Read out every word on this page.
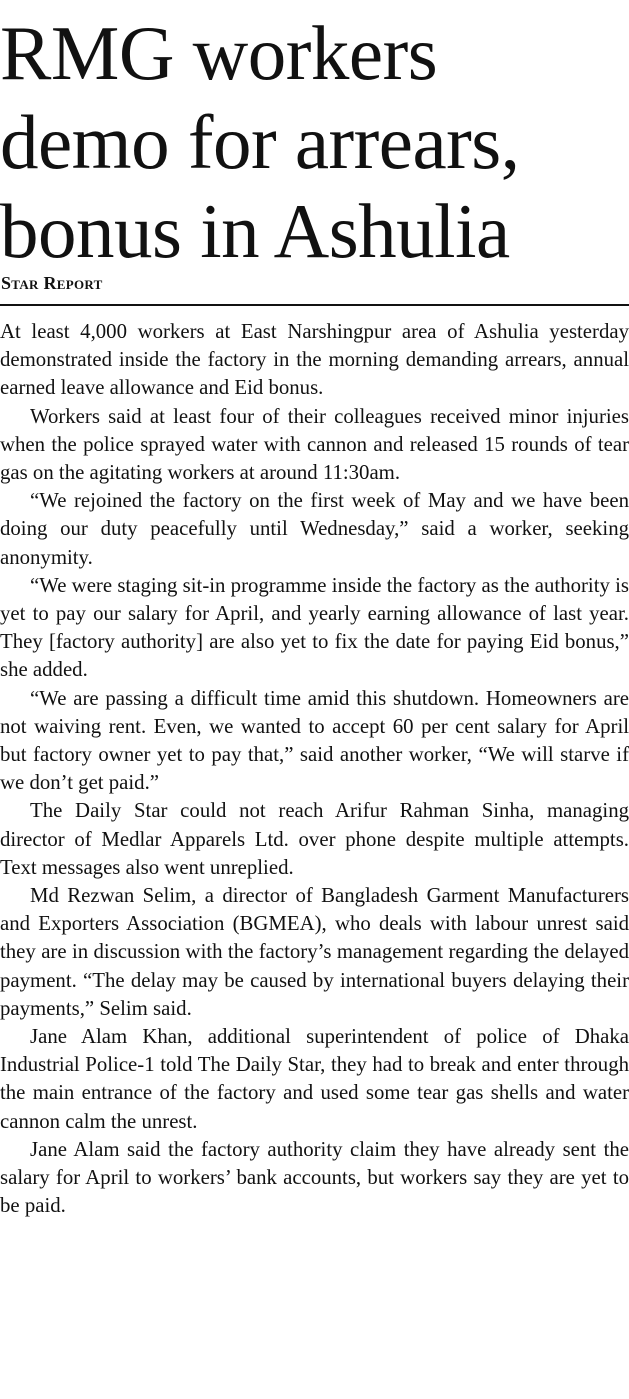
RMG workers
demo for arrears,
bonus in Ashulia
Star Report

At least 4,000 workers at East Narshingpur area of Ashulia yesterday demonstrated inside the factory in the morning demanding arrears, annual earned leave allowance and Eid bonus.

Workers said at least four of their colleagues received minor injuries when the police sprayed water with cannon and released 15 rounds of tear gas on the agitating workers at around 11:30am.

“We rejoined the factory on the first week of May and we have been doing our duty peacefully until Wednesday,” said a worker, seeking anonymity.

“We were staging sit-in programme inside the factory as the authority is yet to pay our salary for April, and yearly earning allowance of last year. They [factory authority] are also yet to fix the date for paying Eid bonus,” she added.

“We are passing a difficult time amid this shutdown. Homeowners are not waiving rent. Even, we wanted to accept 60 per cent salary for April but factory owner yet to pay that,” said another worker, “We will starve if we don’t get paid.”

The Daily Star could not reach Arifur Rahman Sinha, managing director of Medlar Apparels Ltd. over phone despite multiple attempts. Text messages also went unreplied.

Md Rezwan Selim, a director of Bangladesh Garment Manufacturers and Exporters Association (BGMEA), who deals with labour unrest said they are in discussion with the factory’s management regarding the delayed payment. “The delay may be caused by international buyers delaying their payments,” Selim said.

Jane Alam Khan, additional superintendent of police of Dhaka Industrial Police-1 told The Daily Star, they had to break and enter through the main entrance of the factory and used some tear gas shells and water cannon calm the unrest.

Jane Alam said the factory authority claim they have already sent the salary for April to workers’ bank accounts, but workers say they are yet to be paid.
